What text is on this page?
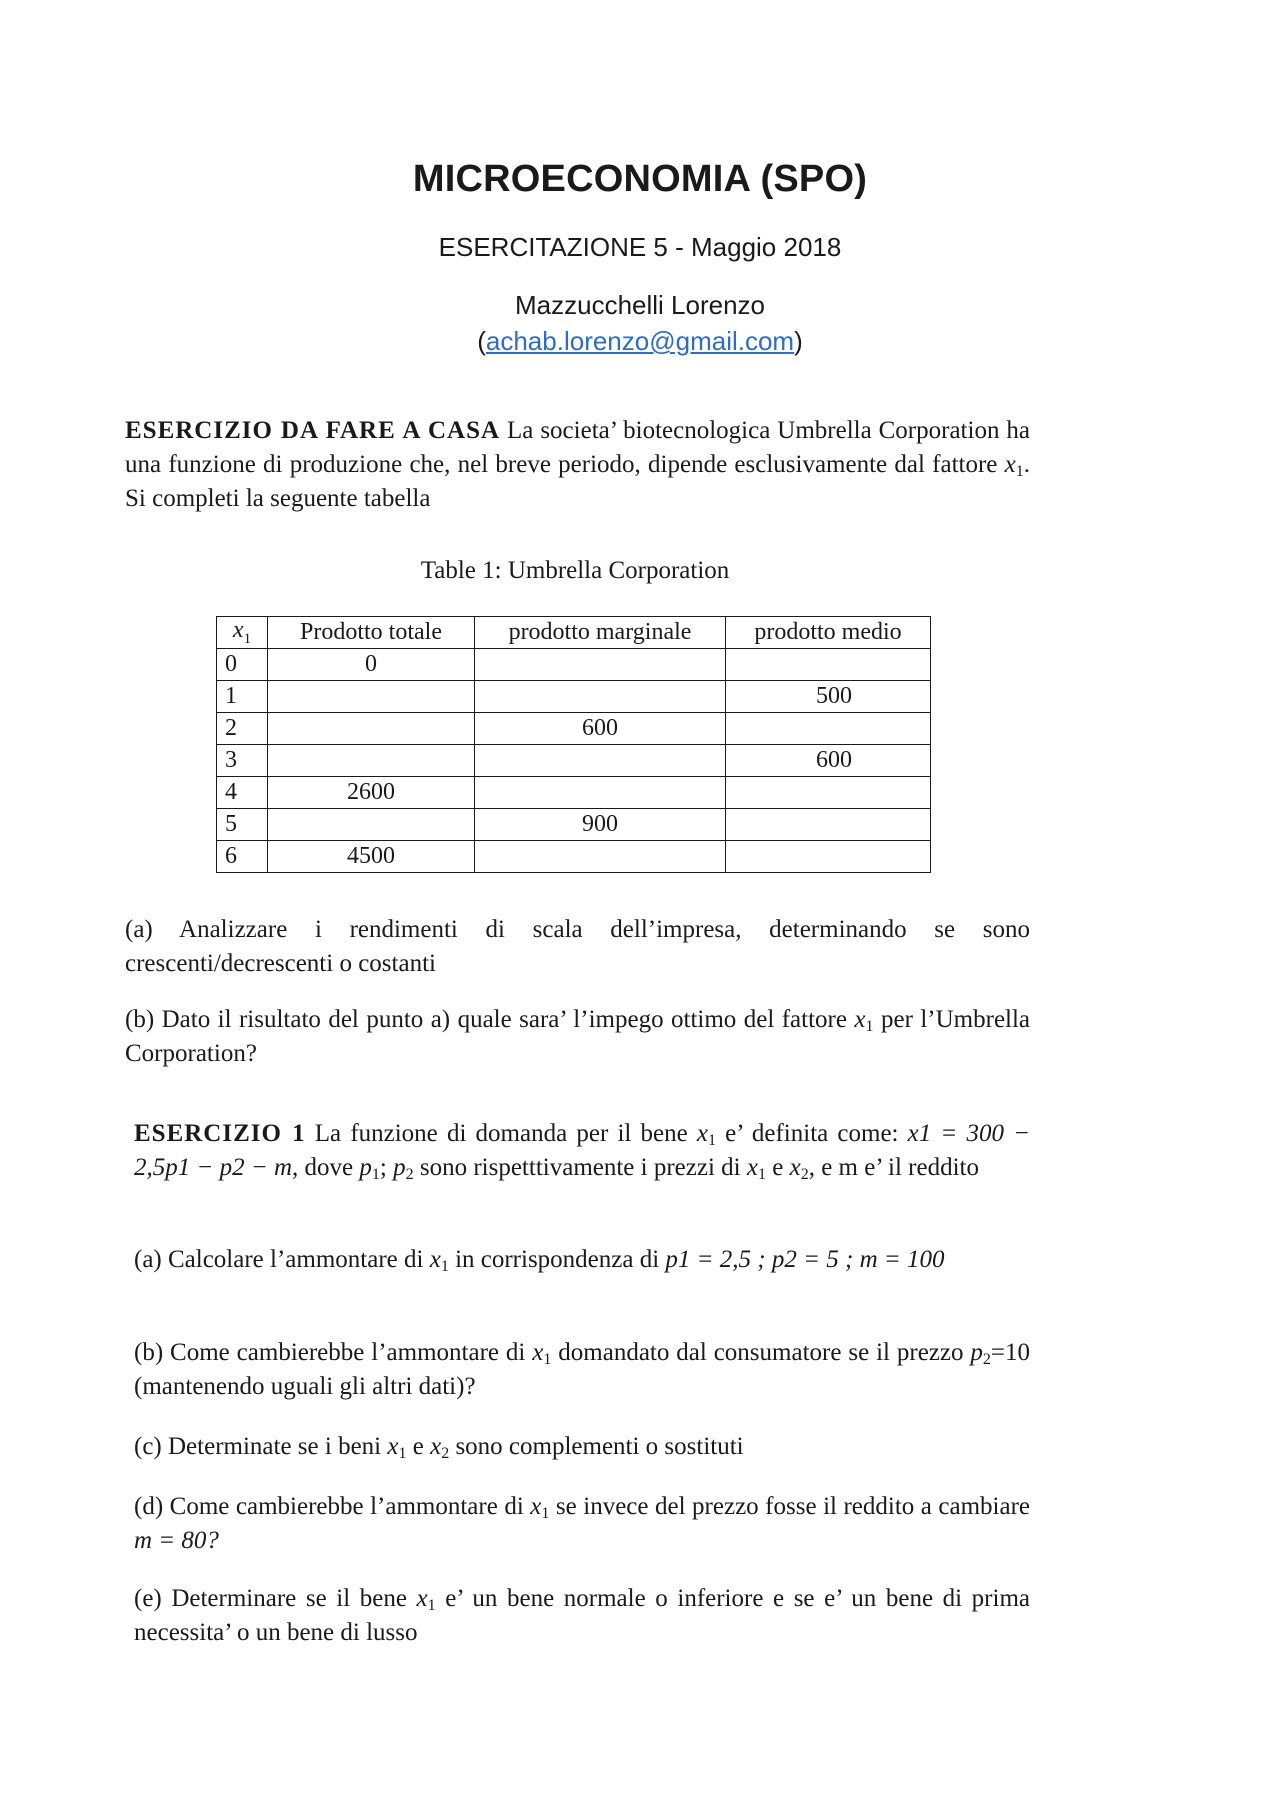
MICROECONOMIA (SPO)
ESERCITAZIONE 5 - Maggio 2018
Mazzucchelli Lorenzo
(achab.lorenzo@gmail.com)
ESERCIZIO DA FARE A CASA La societa’ biotecnologica Umbrella Corporation ha una funzione di produzione che, nel breve periodo, dipende esclusivamente dal fattore $x_1$. Si completi la seguente tabella
Table 1: Umbrella Corporation
$x_1$	Prodotto totale	prodotto marginale	prodotto medio
0	0		
1			500
2		600	
3			600
4	2600		
5		900	
6	4500		
(a) Analizzare i rendimenti di scala dell’impresa, determinando se sono crescenti/decrescenti o costanti
(b) Dato il risultato del punto a) quale sara’ l’impego ottimo del fattore $x_1$ per l’Umbrella Corporation?
ESERCIZIO 1 La funzione di domanda per il bene $x_1$ e’ definita come: x1 = 300 − 2,5p1 − p2 − m, dove $p_1$; $p_2$ sono rispetttivamente i prezzi di $x_1$ e $x_2$, e m e’ il reddito
(a) Calcolare l’ammontare di $x_1$ in corrispondenza di p1 = 2,5 ; p2 = 5 ; m = 100
(b) Come cambierebbe l’ammontare di $x_1$ domandato dal consumatore se il prezzo $p_2=10$ (mantenendo uguali gli altri dati)?
(c) Determinate se i beni $x_1$ e $x_2$ sono complementi o sostituti
(d) Come cambierebbe l’ammontare di $x_1$ se invece del prezzo fosse il reddito a cambiare m = 80?
(e) Determinare se il bene $x_1$ e’ un bene normale o inferiore e se e’ un bene di prima necessita’ o un bene di lusso
